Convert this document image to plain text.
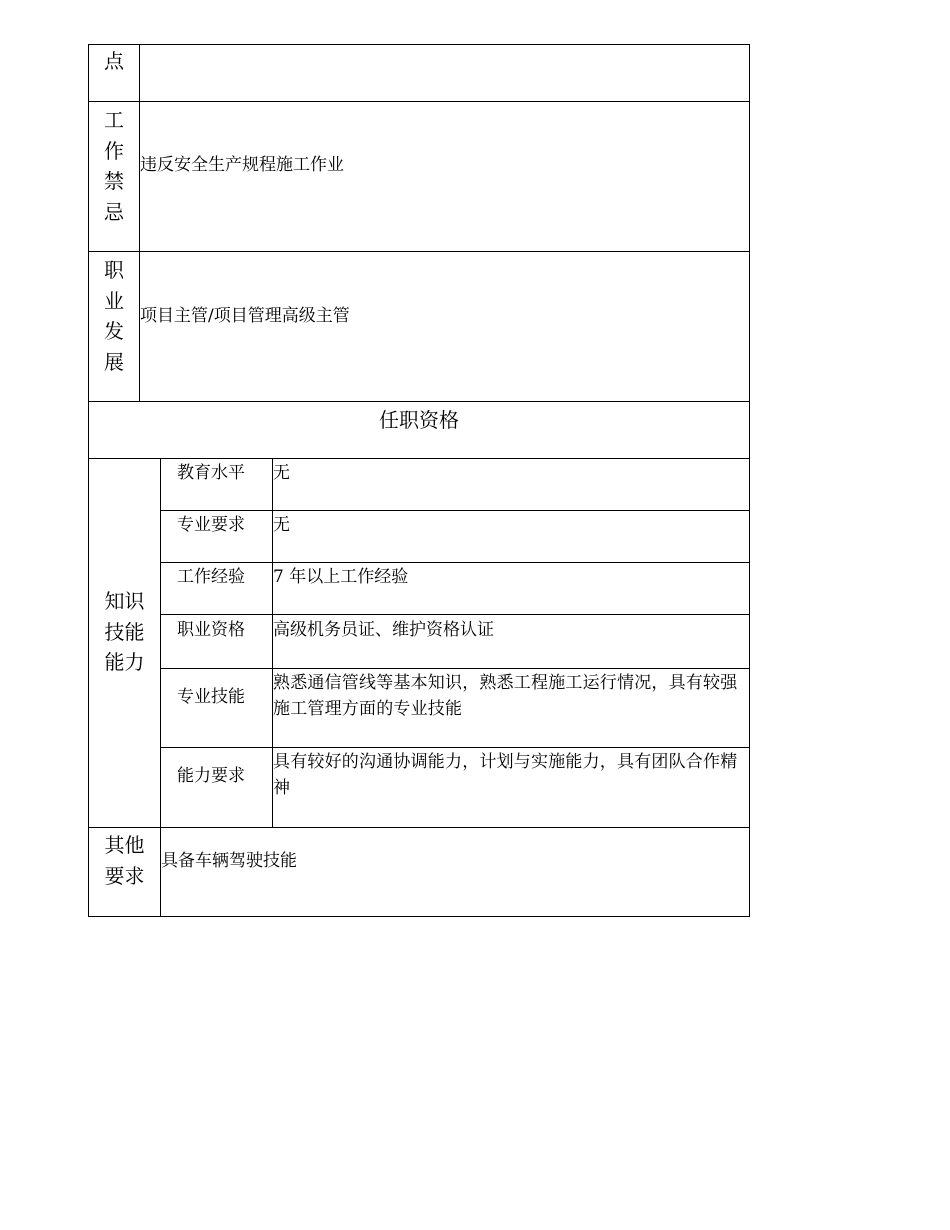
点
工
作
禁
忌
违反安全生产规程施工作业
职
业
发
展
项目主管/项目管理高级主管
任职资格
知识
技能
能力
教育水平 无
专业要求 无
工作经验 7 年以上工作经验
职业资格 高级机务员证、维护资格认证
专业技能
熟悉通信管线等基本知识，熟悉工程施工运行情况，具有较强施工管理方面的专业技能
能力要求
具有较好的沟通协调能力，计划与实施能力，具有团队合作精神
其他
要求
具备车辆驾驶技能
